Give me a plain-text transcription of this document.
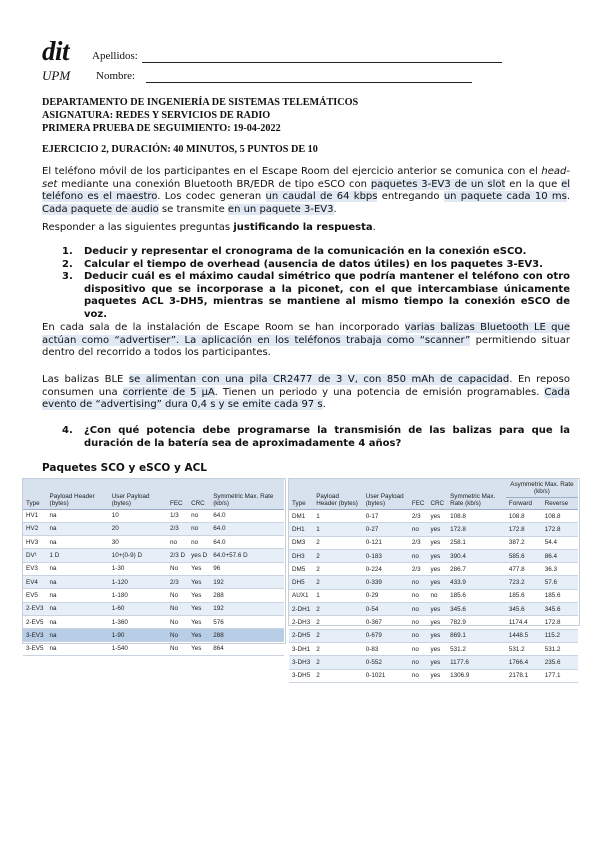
dit
UPM
Apellidos:
Nombre:
DEPARTAMENTO DE INGENIERÍA DE SISTEMAS TELEMÁTICOS
ASIGNATURA: REDES Y SERVICIOS DE RADIO
PRIMERA PRUEBA DE SEGUIMIENTO: 19-04-2022
EJERCICIO 2, DURACIÓN: 40 MINUTOS, 5 PUNTOS DE 10
El teléfono móvil de los participantes en el Escape Room del ejercicio anterior se comunica con el head-set mediante una conexión Bluetooth BR/EDR de tipo eSCO con paquetes 3-EV3 de un slot en la que el teléfono es el maestro. Los codec generan un caudal de 64 kbps entregando un paquete cada 10 ms. Cada paquete de audio se transmite en un paquete 3-EV3.
Responder a las siguientes preguntas justificando la respuesta.
1. Deducir y representar el cronograma de la comunicación en la conexión eSCO.
2. Calcular el tiempo de overhead (ausencia de datos útiles) en los paquetes 3-EV3.
3. Deducir cuál es el máximo caudal simétrico que podría mantener el teléfono con otro dispositivo que se incorporase a la piconet, con el que intercambiase únicamente paquetes ACL 3-DH5, mientras se mantiene al mismo tiempo la conexión eSCO de voz.
En cada sala de la instalación de Escape Room se han incorporado varias balizas Bluetooth LE que actúan como “advertiser”. La aplicación en los teléfonos trabaja como “scanner” permitiendo situar dentro del recorrido a todos los participantes.
Las balizas BLE se alimentan con una pila CR2477 de 3 V, con 850 mAh de capacidad. En reposo consumen una corriente de 5 μA. Tienen un periodo y una potencia de emisión programables. Cada evento de “advertising” dura 0,4 s y se emite cada 97 s.
4. ¿Con qué potencia debe programarse la transmisión de las balizas para que la duración de la batería sea de aproximadamente 4 años?
Paquetes SCO y eSCO y ACL
Type	Payload Header (bytes)	User Payload (bytes)	FEC	CRC	Symmetric Max. Rate (kb/s)
HV1	na	10	1/3	no	64.0
HV2	na	20	2/3	no	64.0
HV3	na	30	no	no	64.0
DV¹	1 D	10+(0-9) D	2/3 D	yes D	64.0+57.6 D
EV3	na	1-30	No	Yes	96
EV4	na	1-120	2/3	Yes	192
EV5	na	1-180	No	Yes	288
2-EV3	na	1-60	No	Yes	192
2-EV5	na	1-360	No	Yes	576
3-EV3	na	1-90	No	Yes	288
3-EV5	na	1-540	No	Yes	864
Type	Payload Header (bytes)	User Payload (bytes)	FEC	CRC	Symmetric Max. Rate (kb/s)	Asymmetric Max. Rate (kb/s)	
						Forward	Reverse
DM1	1	0-17	2/3	yes	108.8	108.8	108.8
DH1	1	0-27	no	yes	172.8	172.8	172.8
DM3	2	0-121	2/3	yes	258.1	387.2	54.4
DH3	2	0-183	no	yes	390.4	585.6	86.4
DM5	2	0-224	2/3	yes	286.7	477.8	36.3
DH5	2	0-339	no	yes	433.9	723.2	57.6
AUX1	1	0-29	no	no	185.6	185.6	185.6
2-DH1	2	0-54	no	yes	345.6	345.6	345.6
2-DH3	2	0-367	no	yes	782.9	1174.4	172.8
2-DH5	2	0-679	no	yes	869.1	1448.5	115.2
3-DH1	2	0-83	no	yes	531.2	531.2	531.2
3-DH3	2	0-552	no	yes	1177.6	1766.4	235.6
3-DH5	2	0-1021	no	yes	1306.9	2178.1	177.1
